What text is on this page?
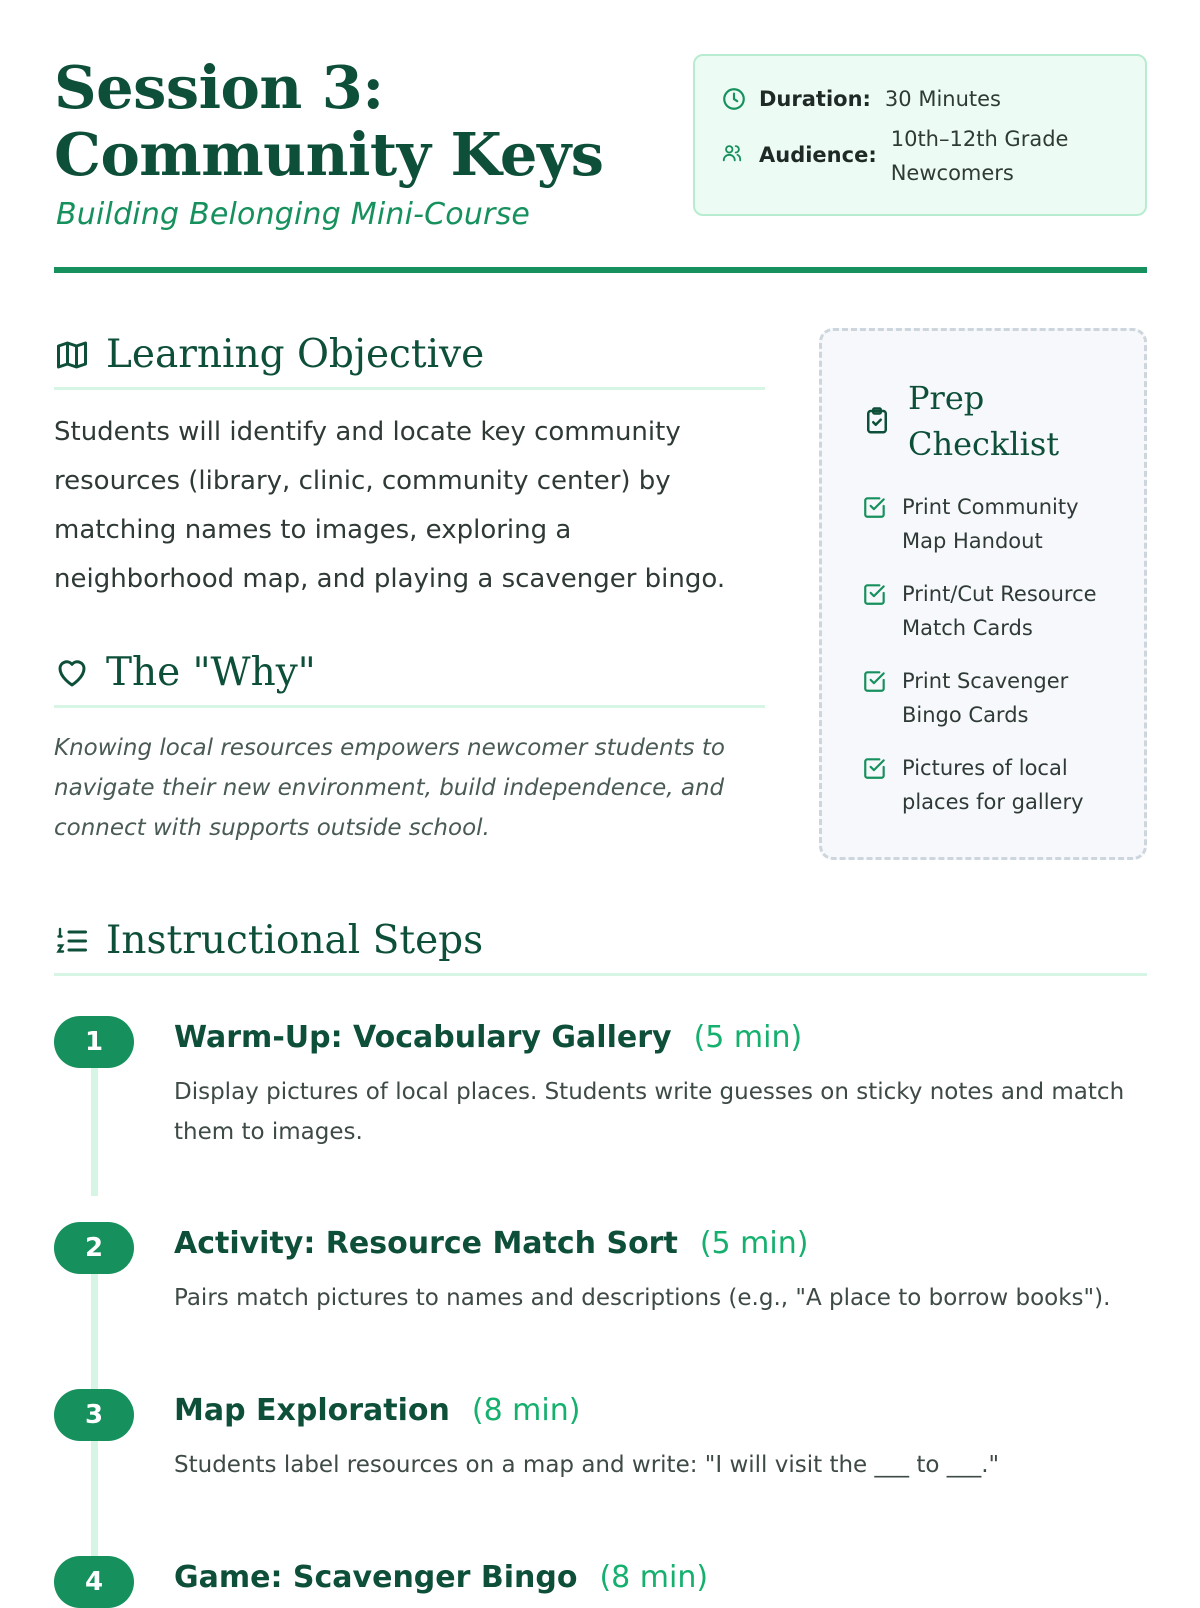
Session 3: Community Keys

Building Belonging Mini-Course

Duration: 30 Minutes
Audience:
10th–12th Grade Newcomers
Learning Objective

Students will identify and locate key community resources (library, clinic, community center) by matching names to images, exploring a neighborhood map, and playing a scavenger bingo.

The "Why"

Knowing local resources empowers newcomer students to navigate their new environment, build independence, and connect with supports outside school.

Prep Checklist
Print Community Map Handout
Print/Cut Resource Match Cards
Print Scavenger Bingo Cards
Pictures of local places for gallery
Instructional Steps
1	Warm-Up: Vocabulary Gallery (5 min)

Display pictures of local places. Students write guesses on sticky notes and match them to images.

2	Activity: Resource Match Sort (5 min)

Pairs match pictures to names and descriptions (e.g., "A place to borrow books").

3	Map Exploration (8 min)

Students label resources on a map and write: "I will visit the ___ to ___."

4	Game: Scavenger Bingo (8 min)
